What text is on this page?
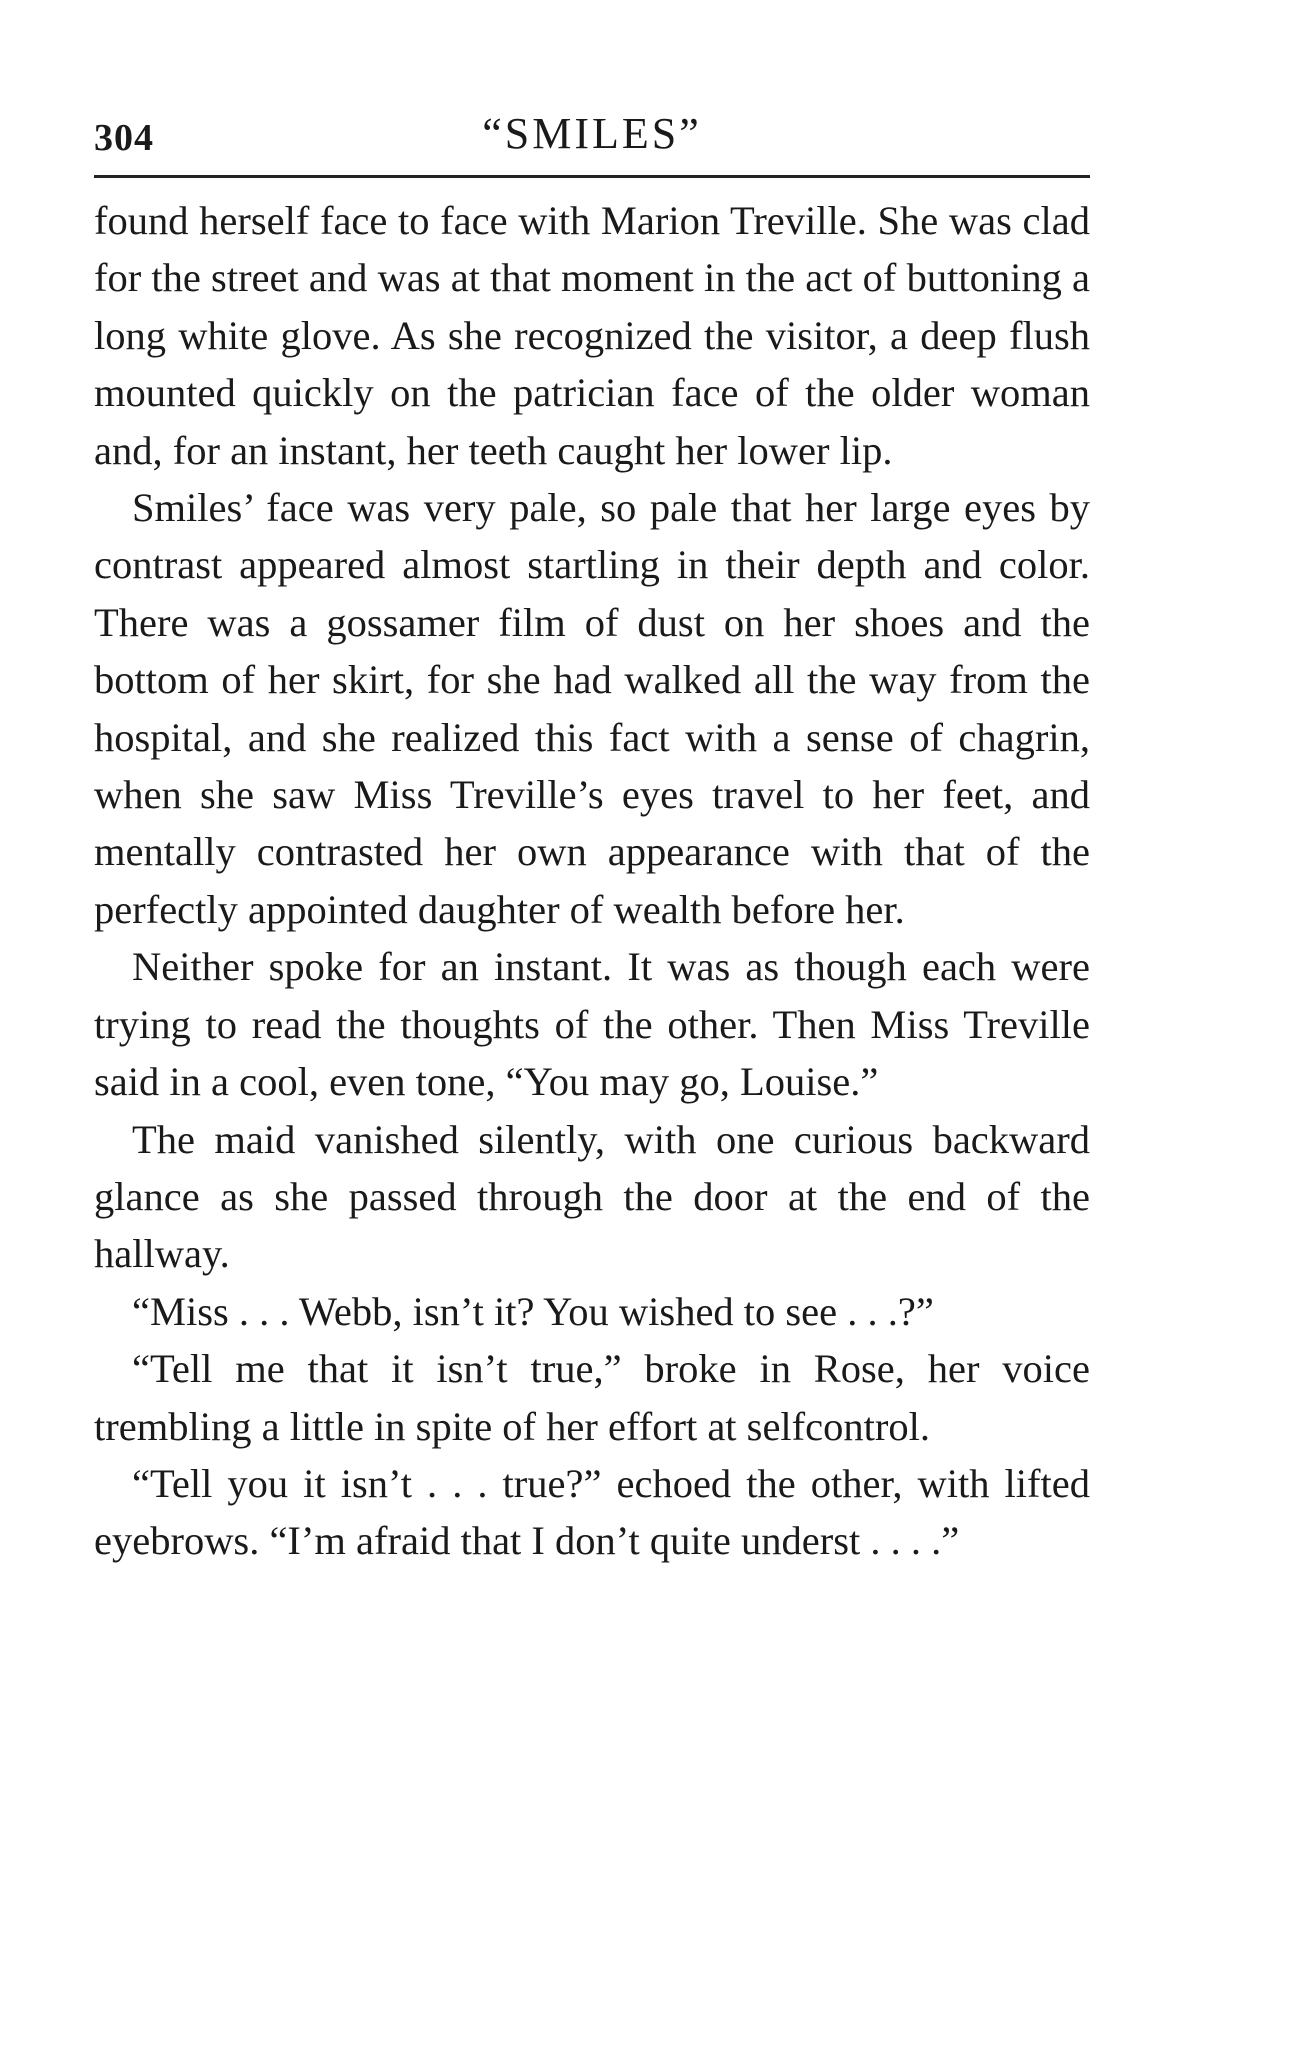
304	“SMILES”

found herself face to face with Marion Treville. She was clad for the street and was at that moment in the act of buttoning a long white glove. As she recognized the visitor, a deep flush mounted quickly on the patrician face of the older woman and, for an instant, her teeth caught her lower lip.

Smiles’ face was very pale, so pale that her large eyes by contrast appeared almost startling in their depth and color. There was a gossamer film of dust on her shoes and the bottom of her skirt, for she had walked all the way from the hospital, and she realized this fact with a sense of chagrin, when she saw Miss Treville’s eyes travel to her feet, and mentally contrasted her own appearance with that of the perfectly appointed daughter of wealth before her.

Neither spoke for an instant. It was as though each were trying to read the thoughts of the other. Then Miss Treville said in a cool, even tone, “You may go, Louise.”

The maid vanished silently, with one curious backward glance as she passed through the door at the end of the hallway.

“Miss . . . Webb, isn’t it? You wished to see . . .?”

“Tell me that it isn’t true,” broke in Rose, her voice trembling a little in spite of her effort at selfcontrol.

“Tell you it isn’t . . . true?” echoed the other, with lifted eyebrows. “I’m afraid that I don’t quite underst . . . .”
